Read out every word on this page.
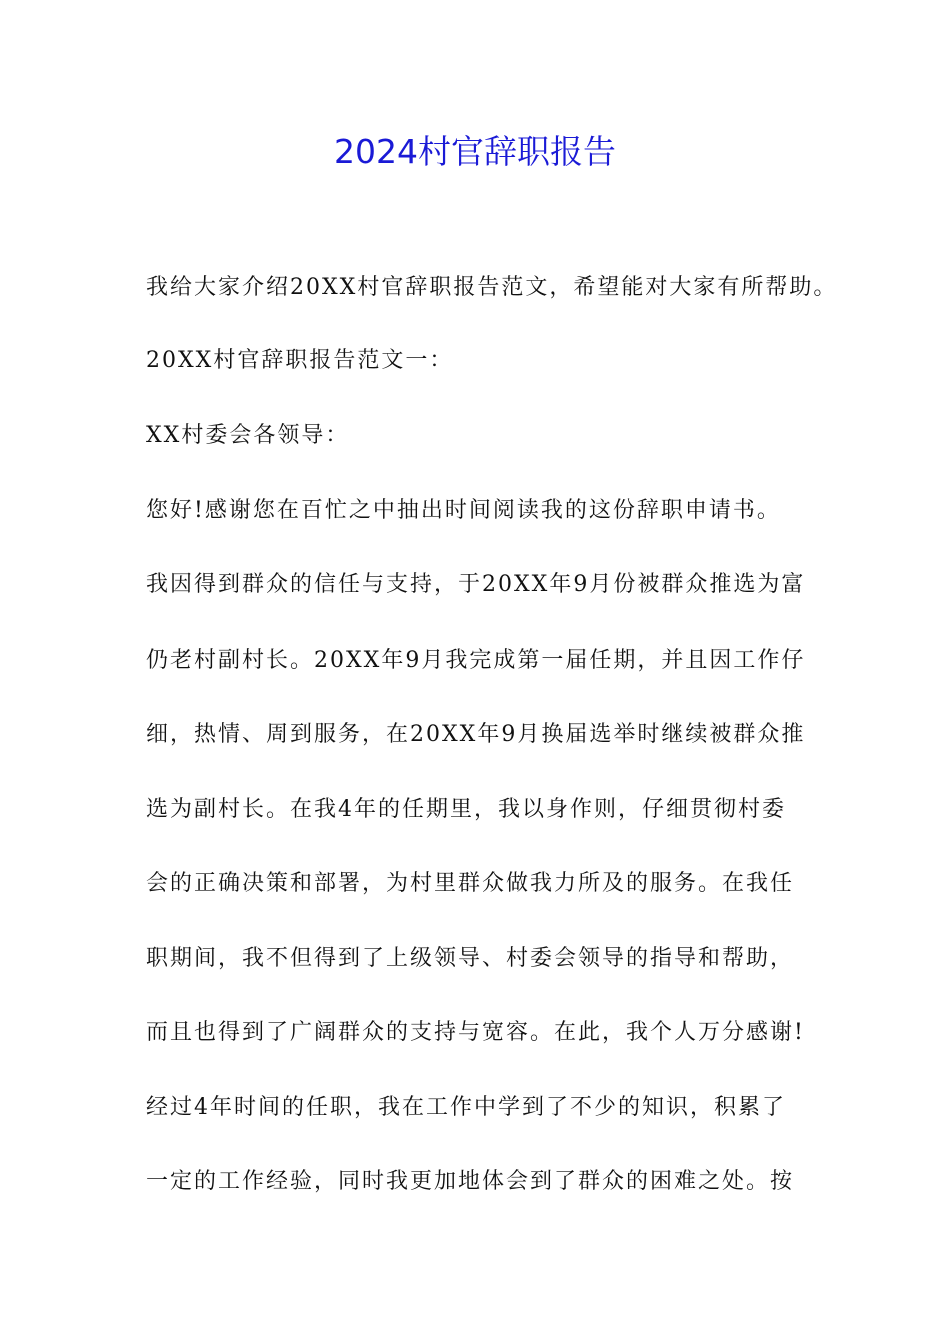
2024村官辞职报告

我给大家介绍20XX村官辞职报告范文，希望能对大家有所帮助。

20XX村官辞职报告范文一：

XX村委会各领导：

您好!感谢您在百忙之中抽出时间阅读我的这份辞职申请书。

我因得到群众的信任与支持，于20XX年9月份被群众推选为富

仍老村副村长。20XX年9月我完成第一届任期，并且因工作仔

细，热情、周到服务，在20XX年9月换届选举时继续被群众推

选为副村长。在我4年的任期里，我以身作则，仔细贯彻村委

会的正确决策和部署，为村里群众做我力所及的服务。在我任

职期间，我不但得到了上级领导、村委会领导的指导和帮助，

而且也得到了广阔群众的支持与宽容。在此，我个人万分感谢!

经过4年时间的任职，我在工作中学到了不少的知识，积累了

一定的工作经验，同时我更加地体会到了群众的困难之处。按
